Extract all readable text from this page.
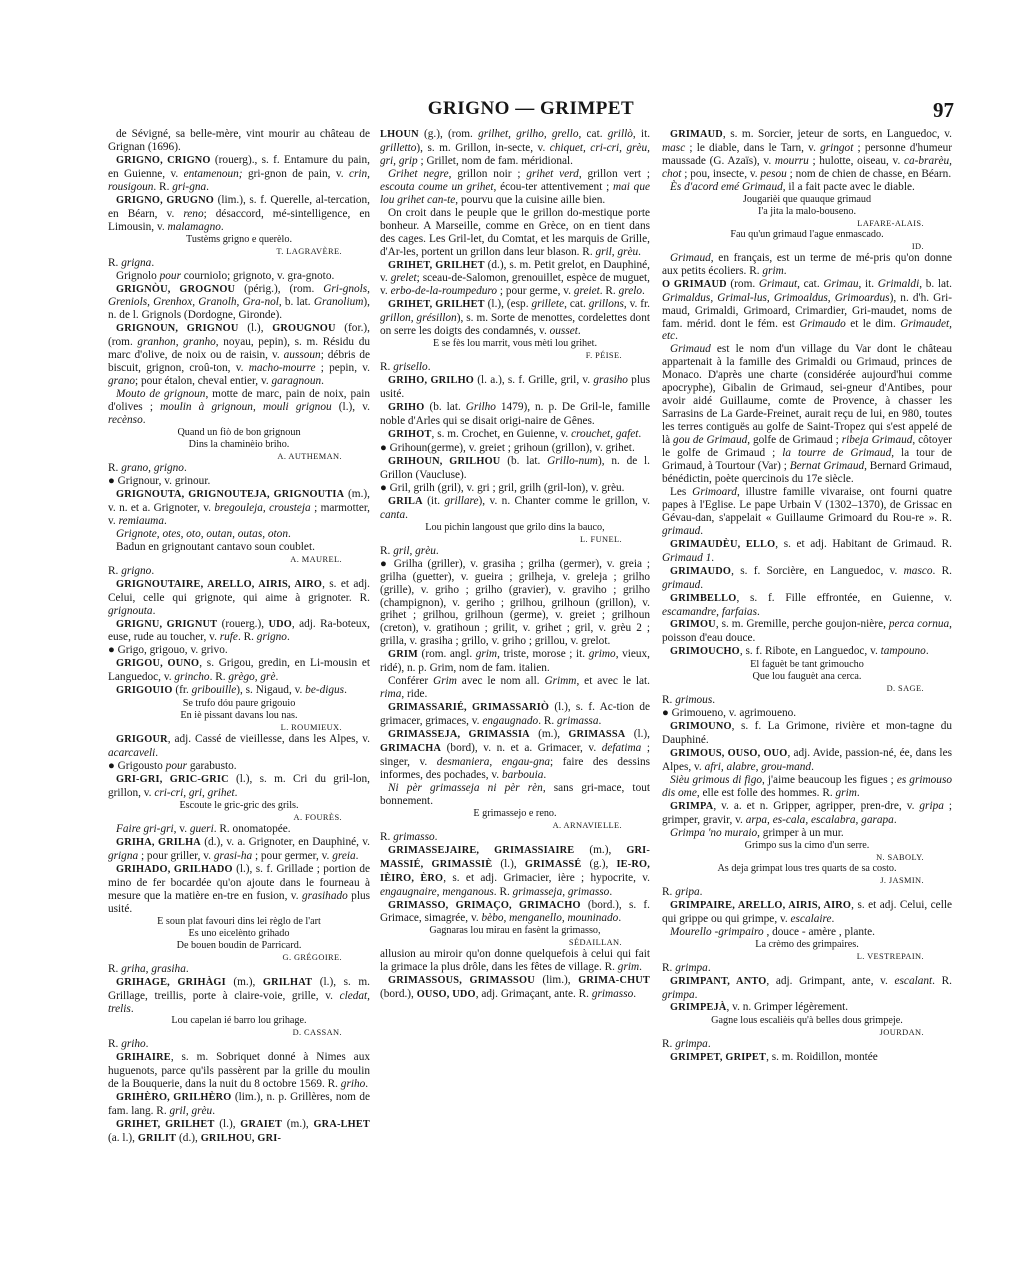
GRIGNO — GRIMPET	97

de Sévigné, sa belle-mère, vint mourir au château de Grignan (1696).

GRIGNO, CRIGNO (rouerg)., s. f. Entamure du pain, en Guienne, v. entamenoun; gri-gnon de pain, v. crin, rousigoun. R. gri-gna.

GRIGNO, GRUGNO (lim.), s. f. Querelle, al-tercation, en Béarn, v. reno; désaccord, mé-sintelligence, en Limousin, v. malamagno.

Tustèms grigno e querèlo.

T. LAGRAVÈRE.

R. grigna.

Grignolo pour courniolo; grignoto, v. gra-gnoto.

GRIGNÒU, GROGNOU (périg.), (rom. Gri-gnols, Greniols, Grenhox, Granolh, Gra-nol, b. lat. Granolium), n. de l. Grignols (Dordogne, Gironde).

GRIGNOUN, GRIGNOU (l.), GROUGNOU (for.), (rom. granhon, granho, noyau, pepin), s. m. Résidu du marc d'olive, de noix ou de raisin, v. aussoun; débris de biscuit, grignon, croû-ton, v. macho-mourre ; pepin, v. grano; pour étalon, cheval entier, v. garagnoun.

Mouto de grignoun, motte de marc, pain de noix, pain d'olives ; moulin à grignoun, mouli grignou (l.), v. recènso.

Quand un fiò de bon grignoun

Dins la chaminèio briho.

A. AUTHEMAN.

R. grano, grigno.

● Grignour, v. grinour.

GRIGNOUTA, GRIGNOUTEJA, GRIGNOUTIA (m.), v. n. et a. Grignoter, v. bregouleja, crousteja ; marmotter, v. remiauma.

Grignote, otes, oto, outan, outas, oton.

Badun en grignoutant cantavo soun coublet.

A. MAUREL.

R. grigno.

GRIGNOUTAIRE, ARELLO, AIRIS, AIRO, s. et adj. Celui, celle qui grignote, qui aime à grignoter. R. grignouta.

GRIGNU, GRIGNUT (rouerg.), UDO, adj. Ra-boteux, euse, rude au toucher, v. rufe. R. grigno.

● Grigo, grigouo, v. grivo.

GRIGOU, OUNO, s. Grigou, gredin, en Li-mousin et Languedoc, v. grincho. R. grègo, grè.

GRIGOUIO (fr. gribouille), s. Nigaud, v. be-digus.

Se trufo dóu paure grigouio

En iè pissant davans lou nas.

L. ROUMIEUX.

GRIGOUR, adj. Cassé de vieillesse, dans les Alpes, v. acarcaveli.

● Grigousto pour garabusto.

GRI-GRI, GRIC-GRIC (l.), s. m. Cri du gril-lon, grillon, v. cri-cri, gri, grihet.

Escoute le gric-gric des grils.

A. FOURÈS.

Faire gri-gri, v. gueri. R. onomatopée.

GRIHA, GRILHA (d.), v. a. Grignoter, en Dauphiné, v. grigna ; pour griller, v. grasi-ha ; pour germer, v. greia.

GRIHADO, GRILHADO (l.), s. f. Grillade ; portion de mino de fer bocardée qu'on ajoute dans le fourneau à mesure que la matière en-tre en fusion, v. grasihado plus usité.

E soun plat favouri dins lei règlo de l'art

Es uno eicelènto grihado

De bouen boudin de Parricard.

G. GRÉGOIRE.

R. griha, grasiha.

GRIHAGE, GRIHÀGI (m.), GRILHAT (l.), s. m. Grillage, treillis, porte à claire-voie, grille, v. cledat, trelis.

Lou capelan ié barro lou grihage.

D. CASSAN.

R. griho.

GRIHAIRE, s. m. Sobriquet donné à Nimes aux huguenots, parce qu'ils passèrent par la grille du moulin de la Bouquerie, dans la nuit du 8 octobre 1569. R. griho.

GRIHÈRO, GRILHÈRO (lim.), n. p. Grillères, nom de fam. lang. R. gril, grèu.

GRIHET, GRILHET (l.), GRAIET (m.), GRA-LHET (a. l.), GRILIT (d.), GRILHOU, GRI-

LHOUN (g.), (rom. grilhet, grilho, grello, cat. grillò, it. grilletto), s. m. Grillon, in-secte, v. chiquet, cri-cri, grèu, gri, grip ; Grillet, nom de fam. méridional.

Grihet negre, grillon noir ; grihet verd, grillon vert ; escouta coume un grihet, écou-ter attentivement ; mai que lou grihet can-te, pourvu que la cuisine aille bien.

On croit dans le peuple que le grillon do-mestique porte bonheur. A Marseille, comme en Grèce, on en tient dans des cages. Les Gril-let, du Comtat, et les marquis de Grille, d'Ar-les, portent un grillon dans leur blason. R. gril, grèu.

GRIHET, GRILHET (d.), s. m. Petit grelot, en Dauphiné, v. grelet; sceau-de-Salomon, grenouillet, espèce de muguet, v. erbo-de-la-roumpeduro ; pour germe, v. greiet. R. grelo.

GRIHET, GRILHET (l.), (esp. grillete, cat. grillons, v. fr. grillon, grésillon), s. m. Sorte de menottes, cordelettes dont on serre les doigts des condamnés, v. ousset.

E se fès lou marrit, vous mèti lou grihet.

F. PÉISE.

R. grisello.

GRIHO, GRILHO (l. a.), s. f. Grille, gril, v. grasiho plus usité.

GRIHO (b. lat. Grilho 1479), n. p. De Gril-le, famille noble d'Arles qui se disait origi-naire de Gênes.

GRIHOT, s. m. Crochet, en Guienne, v. crouchet, gafet.

● Grihoun(germe), v. greiet ; grihoun (grillon), v. grihet.

GRIHOUN, GRILHOU (b. lat. Grillo-num), n. de l. Grillon (Vaucluse).

● Gril, grilh (gril), v. gri ; gril, grilh (gril-lon), v. grèu.

GRILA (it. grillare), v. n. Chanter comme le grillon, v. canta.

Lou pichin langoust que grilo dins la bauco,

L. FUNEL.

R. gril, grèu.

● Grilha (griller), v. grasiha ; grilha (germer), v. greia ; grilha (guetter), v. gueira ; grilheja, v. greleja ; grilho (grille), v. griho ; grilho (gravier), v. graviho ; grilho (champignon), v. geriho ; grilhou, grilhoun (grillon), v. grihet ; grilhou, grilhoun (germe), v. greiet ; grilhoun (creton), v. gratihoun ; grilit, v. grihet ; gril, v. grèu 2 ; grilla, v. grasiha ; grillo, v. griho ; grillou, v. grelot.

GRIM (rom. angl. grim, triste, morose ; it. grimo, vieux, ridé), n. p. Grim, nom de fam. italien.

Conférer Grim avec le nom all. Grimm, et avec le lat. rima, ride.

GRIMASSARIÉ, GRIMASSARIÒ (l.), s. f. Ac-tion de grimacer, grimaces, v. engaugnado. R. grimassa.

GRIMASSEJA, GRIMASSIA (m.), GRIMASSA (l.), GRIMACHA (bord), v. n. et a. Grimacer, v. defatima ; singer, v. desmaniera, engau-gna; faire des dessins informes, des pochades, v. barbouia.

Ni pèr grimasseja ni pèr rèn, sans gri-mace, tout bonnement.

E grimassejo e reno.

A. ARNAVIELLE.

R. grimasso.

GRIMASSEJAIRE, GRIMASSIAIRE (m.), GRI-MASSIÉ, GRIMASSIÈ (l.), GRIMASSÉ (g.), IE-RO, IÈIRO, ÈRO, s. et adj. Grimacier, ière ; hypocrite, v. engaugnaire, menganous. R. grimasseja, grimasso.

GRIMASSO, GRIMAÇO, GRIMACHO (bord.), s. f. Grimace, simagrée, v. bèbo, menganello, mouninado.

Gagnaras lou mirau en fasènt la grimasso,

SÉDAILLAN.

allusion au miroir qu'on donne quelquefois à celui qui fait la grimace la plus drôle, dans les fêtes de village. R. grim.

GRIMASSOUS, GRIMASSOU (lim.), GRIMA-CHUT (bord.), OUSO, UDO, adj. Grimaçant, ante. R. grimasso.

GRIMAUD, s. m. Sorcier, jeteur de sorts, en Languedoc, v. masc ; le diable, dans le Tarn, v. gringot ; personne d'humeur maussade (G. Azaïs), v. mourru ; hulotte, oiseau, v. ca-brarèu, chot ; pou, insecte, v. pesou ; nom de chien de chasse, en Béarn.

Ès d'acord emé Grimaud, il a fait pacte avec le diable.

Jougarièi que quauque grimaud

I'a jita la malo-bouseno.

LAFARE-ALAIS.

Fau qu'un grimaud l'ague enmascado.

ID.

Grimaud, en français, est un terme de mé-pris qu'on donne aux petits écoliers. R. grim.

O GRIMAUD (rom. Grimaut, cat. Grimau, it. Grimaldi, b. lat. Grimaldus, Grimal-lus, Grimoaldus, Grimoardus), n. d'h. Gri-maud, Grimaldi, Grimoard, Crimardier, Gri-maudet, noms de fam. mérid. dont le fém. est Grimaudo et le dim. Grimaudet, etc.

Grimaud est le nom d'un village du Var dont le château appartenait à la famille des Grimaldi ou Grimaud, princes de Monaco. D'après une charte (considérée aujourd'hui comme apocryphe), Gibalin de Grimaud, sei-gneur d'Antibes, pour avoir aidé Guillaume, comte de Provence, à chasser les Sarrasins de La Garde-Freinet, aurait reçu de lui, en 980, toutes les terres contiguës au golfe de Saint-Tropez qui s'est appelé de là gou de Grimaud, golfe de Grimaud ; ribeja Grimaud, côtoyer le golfe de Grimaud ; la tourre de Grimaud, la tour de Grimaud, à Tourtour (Var) ; Bernat Grimaud, Bernard Grimaud, bénédictin, poète quercinois du 17e siècle.

Les Grimoard, illustre famille vivaraise, ont fourni quatre papes à l'Eglise. Le pape Urbain V (1302–1370), de Grissac en Gévau-dan, s'appelait « Guillaume Grimoard du Rou-re ». R. grimaud.

GRIMAUDÈU, ELLO, s. et adj. Habitant de Grimaud. R. Grimaud 1.

GRIMAUDO, s. f. Sorcière, en Languedoc, v. masco. R. grimaud.

GRIMBELLO, s. f. Fille effrontée, en Guienne, v. escamandre, farfaias.

GRIMOU, s. m. Gremille, perche goujon-nière, perca cornua, poisson d'eau douce.

GRIMOUCHO, s. f. Ribote, en Languedoc, v. tampouno.

El faguèt be tant grimoucho

Que lou fauguèt ana cerca.

D. SAGE.

R. grimous.

● Grimoueno, v. agrimoueno.

GRIMOUNO, s. f. La Grimone, rivière et mon-tagne du Dauphiné.

GRIMOUS, OUSO, OUO, adj. Avide, passion-né, ée, dans les Alpes, v. afri, alabre, grou-mand.

Sièu grimous di figo, j'aime beaucoup les figues ; es grimouso dis ome, elle est folle des hommes. R. grim.

GRIMPA, v. a. et n. Gripper, agripper, pren-dre, v. gripa ; grimper, gravir, v. arpa, es-cala, escalabra, garapa.

Grimpa 'no muraio, grimper à un mur.

Grimpo sus la cimo d'un serre.

N. SABOLY.

As deja grimpat lous tres quarts de sa costo.

J. JASMIN.

R. gripa.

GRIMPAIRE, ARELLO, AIRIS, AIRO, s. et adj. Celui, celle qui grippe ou qui grimpe, v. escalaire.

Mourello -grimpairo , douce - amère , plante.

La crèmo des grimpaires.

L. VESTREPAIN.

R. grimpa.

GRIMPANT, ANTO, adj. Grimpant, ante, v. escalant. R. grimpa.

GRIMPEJÀ, v. n. Grimper légèrement.

Gagne lous escalièis qu'à belles dous grimpeje.

JOURDAN.

R. grimpa.

GRIMPET, GRIPET, s. m. Roidillon, montée
